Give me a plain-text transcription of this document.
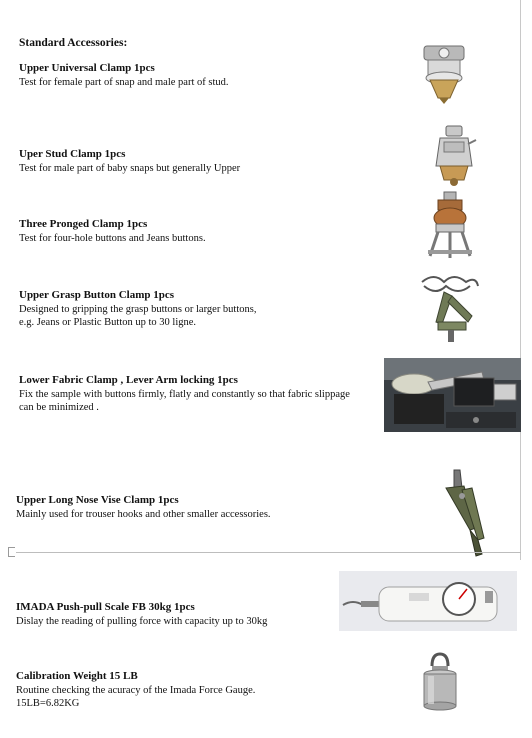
Standard Accessories:
Upper Universal Clamp 1pcs
Test for female part of snap and male part of stud.
Uper Stud Clamp 1pcs
Test for male part of baby snaps but generally Upper
Three Pronged Clamp 1pcs
Test for four-hole buttons and Jeans buttons.
Upper Grasp Button Clamp 1pcs
Designed to gripping the grasp buttons or larger buttons,
e.g. Jeans or Plastic Button up to 30 ligne.
Lower Fabric Clamp , Lever Arm locking 1pcs
Fix the sample with buttons firmly, flatly and constantly so that fabric slippage
can be minimized .
Upper Long Nose Vise Clamp 1pcs
Mainly used for trouser hooks and other smaller accessories.
IMADA Push-pull Scale FB 30kg 1pcs
Dislay the reading of pulling force with capacity up to 30kg
Calibration Weight 15 LB
Routine checking the acuracy of the Imada Force Gauge.
15LB=6.82KG
